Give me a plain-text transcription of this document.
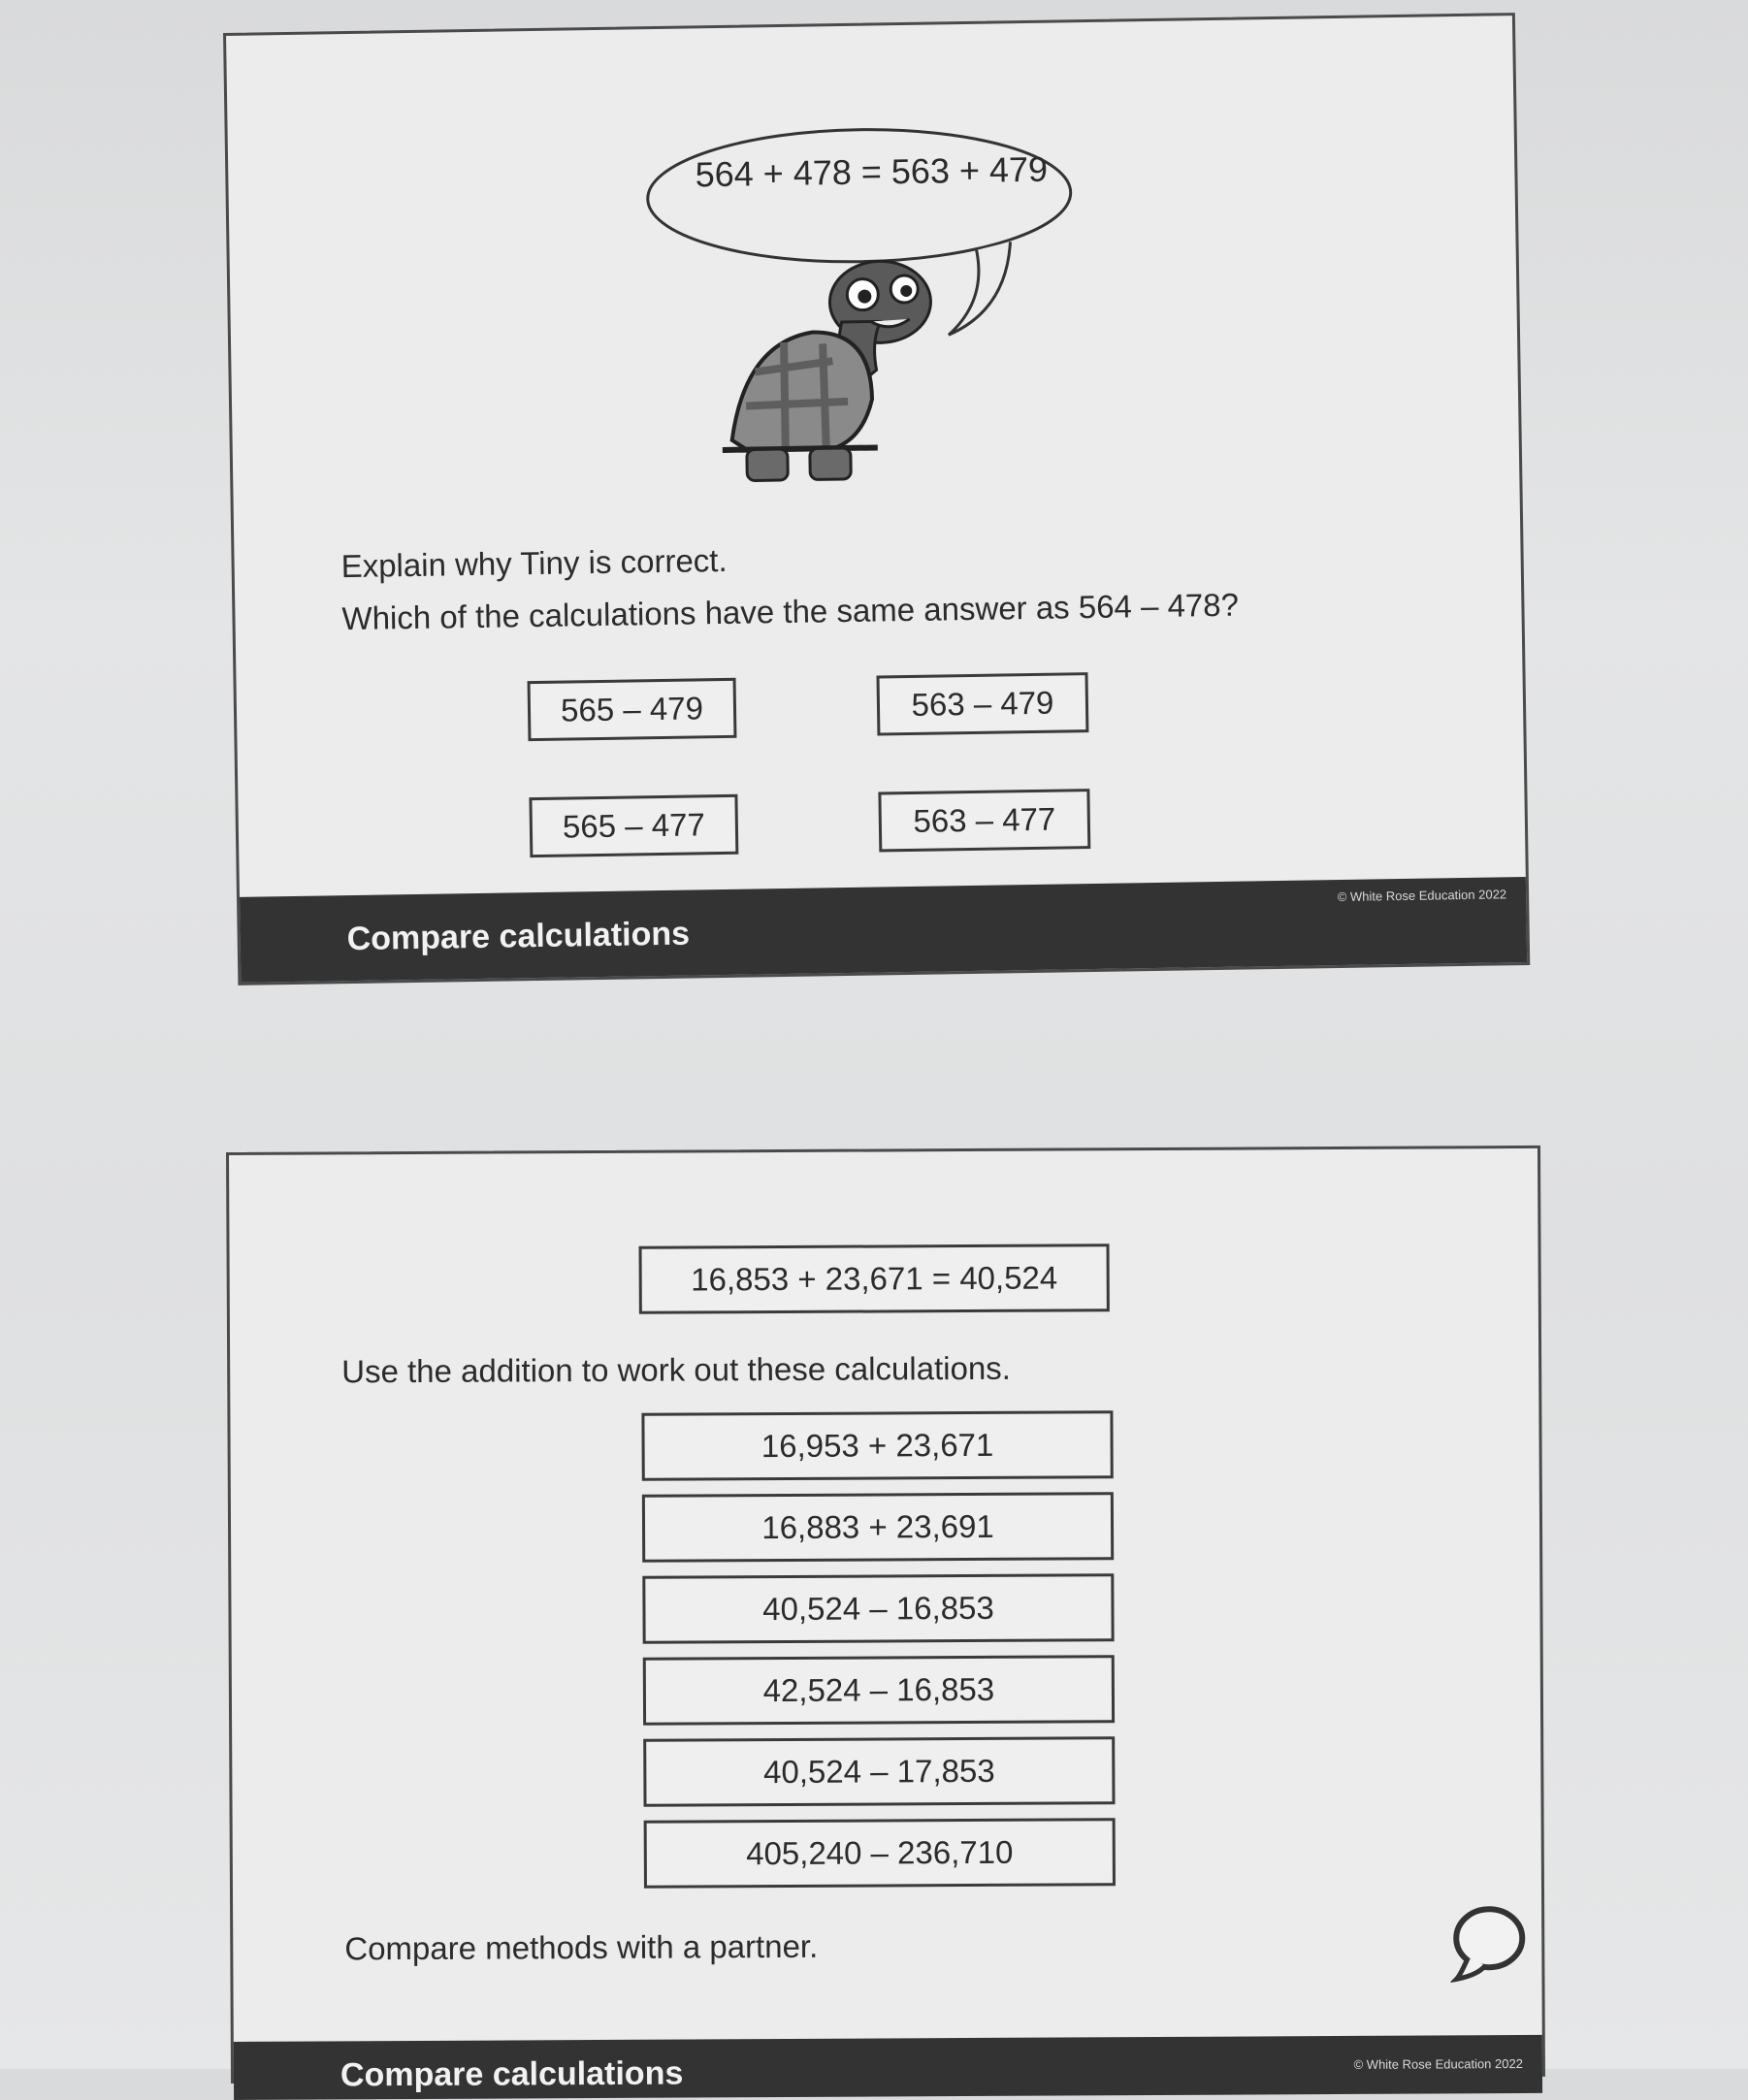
564 + 478 = 563 + 479
Explain why Tiny is correct.
Which of the calculations have the same answer as 564 – 478?
565 – 479	563 – 479
565 – 477	563 – 477
Compare calculations
© White Rose Education 2022
16,853 + 23,671 = 40,524
Use the addition to work out these calculations.
16,953 + 23,671
16,883 + 23,691
40,524 – 16,853
42,524 – 16,853
40,524 – 17,853
405,240 – 236,710
Compare methods with a partner.
Compare calculations	© White Rose Education 2022
